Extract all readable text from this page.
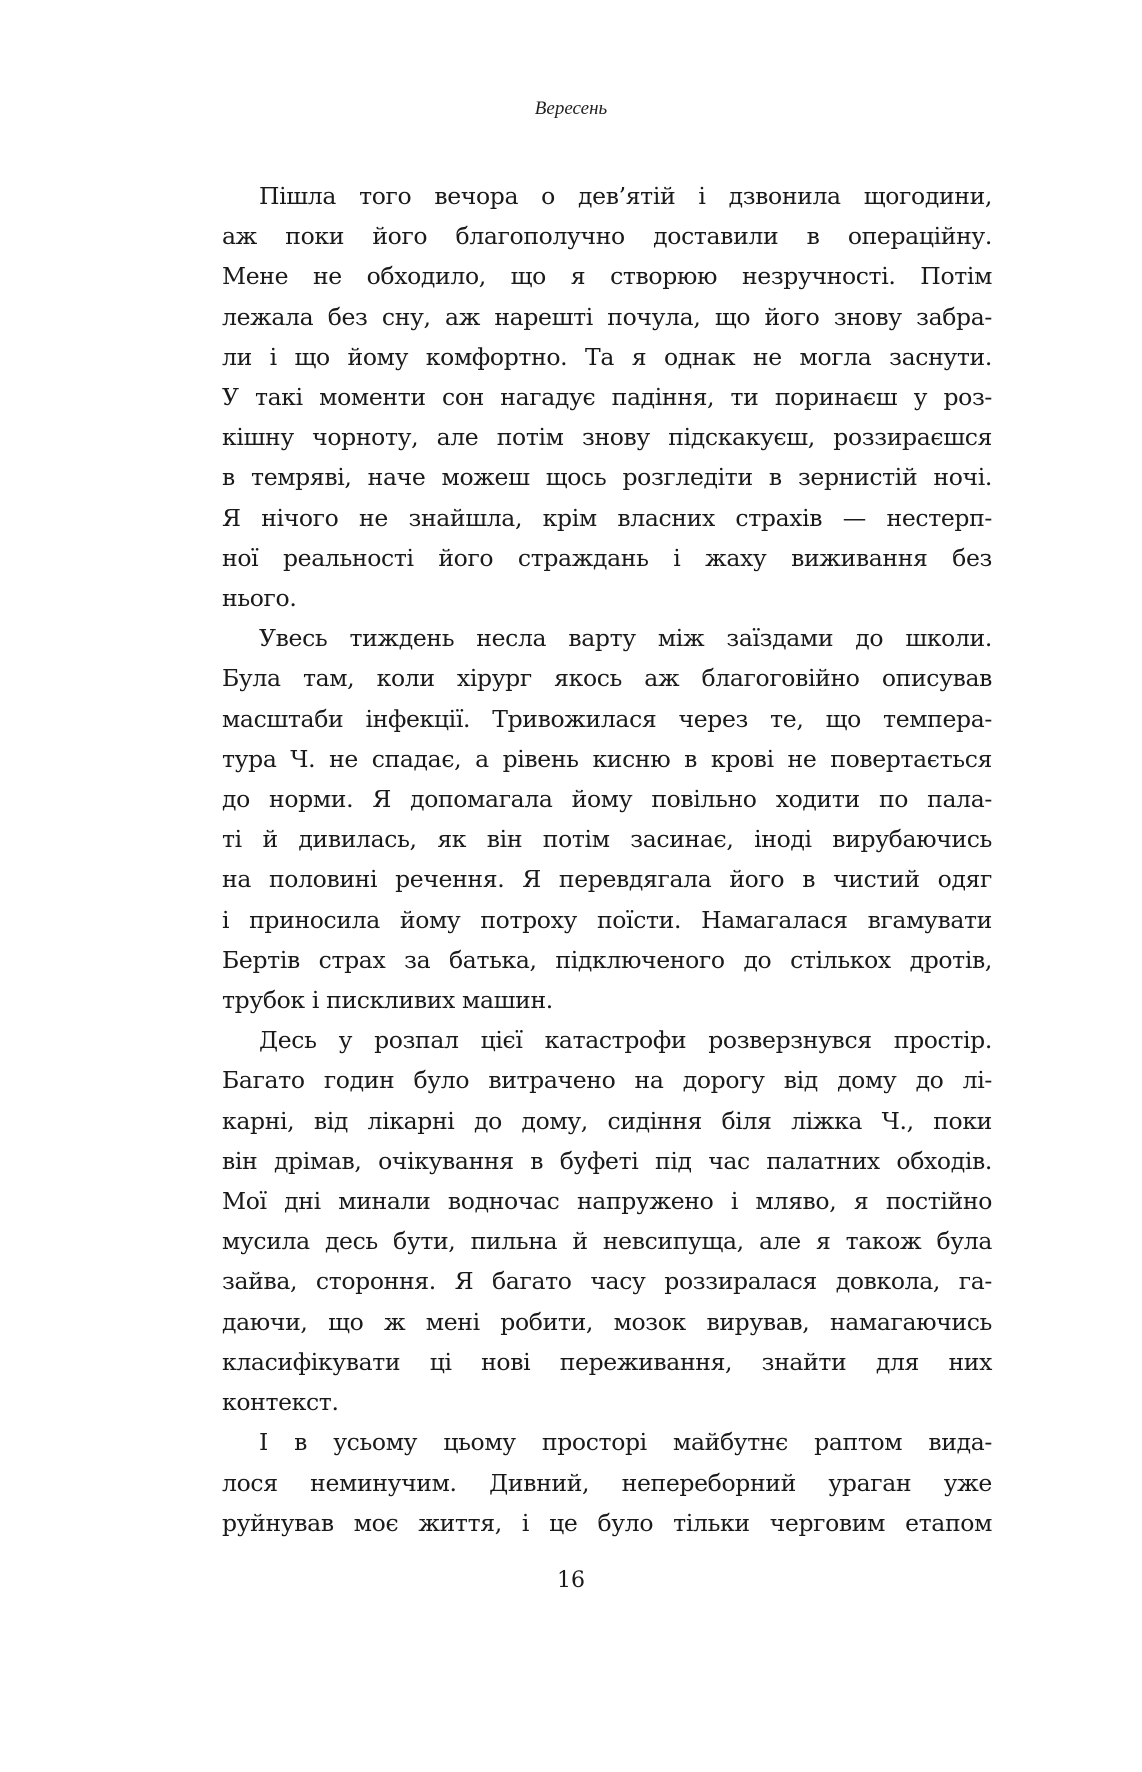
Вересень
Пішла того вечора о дев’ятій і дзвонила щогодини,
аж поки його благополучно доставили в операційну.
Мене не обходило, що я створюю незручності. Потім
лежала без сну, аж нарешті почула, що його знову забра-
ли і що йому комфортно. Та я однак не могла заснути.
У такі моменти сон нагадує падіння, ти поринаєш у роз-
кішну чорноту, але потім знову підскакуєш, роззираєшся
в темряві, наче можеш щось розгледіти в зернистій ночі.
Я нічого не знайшла, крім власних страхів — нестерп-
ної реальності його страждань і жаху виживання без
нього.
Увесь тиждень несла варту між заїздами до школи.
Була там, коли хірург якось аж благоговійно описував
масштаби інфекції. Тривожилася через те, що темпера-
тура Ч. не спадає, а рівень кисню в крові не повертається
до норми. Я допомагала йому повільно ходити по пала-
ті й дивилась, як він потім засинає, іноді вирубаючись
на половині речення. Я перевдягала його в чистий одяг
і приносила йому потроху поїсти. Намагалася вгамувати
Бертів страх за батька, підключеного до стількох дротів,
трубок і пискливих машин.
Десь у розпал цієї катастрофи розверзнувся простір.
Багато годин було витрачено на дорогу від дому до лі-
карні, від лікарні до дому, сидіння біля ліжка Ч., поки
він дрімав, очікування в буфеті під час палатних обходів.
Мої дні минали водночас напружено і мляво, я постійно
мусила десь бути, пильна й невсипуща, але я також була
зайва, стороння. Я багато часу роззиралася довкола, га-
даючи, що ж мені робити, мозок вирував, намагаючись
класифікувати ці нові переживання, знайти для них
контекст.
І в усьому цьому просторі майбутнє раптом вида-
лося неминучим. Дивний, непереборний ураган уже
руйнував моє життя, і це було тільки черговим етапом
16
